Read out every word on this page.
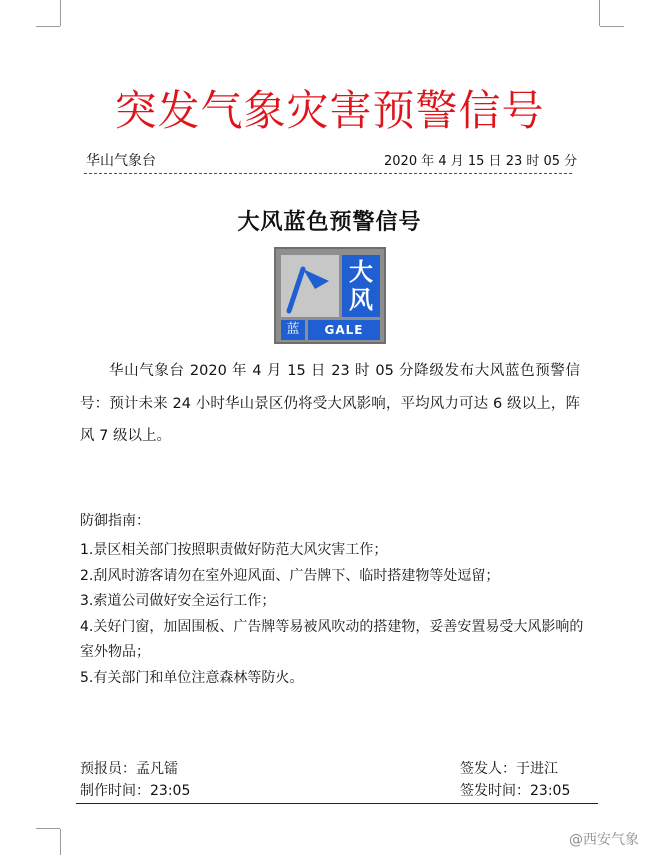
突发气象灾害预警信号
华山气象台	2020 年 4 月 15 日 23 时 05 分
大风蓝色预警信号
大
风
蓝	GALE
华山气象台 2020 年 4 月 15 日 23 时 05 分降级发布大风蓝色预警信号：预计未来 24 小时华山景区仍将受大风影响，平均风力可达 6 级以上，阵风 7 级以上。
防御指南：
1.景区相关部门按照职责做好防范大风灾害工作；
2.刮风时游客请勿在室外迎风面、广告牌下、临时搭建物等处逗留；
3.索道公司做好安全运行工作；
4.关好门窗，加固围板、广告牌等易被风吹动的搭建物，妥善安置易受大风影响的室外物品；
5.有关部门和单位注意森林等防火。
预报员：孟凡镭	签发人：于进江
制作时间：23:05	签发时间：23:05
@西安气象
